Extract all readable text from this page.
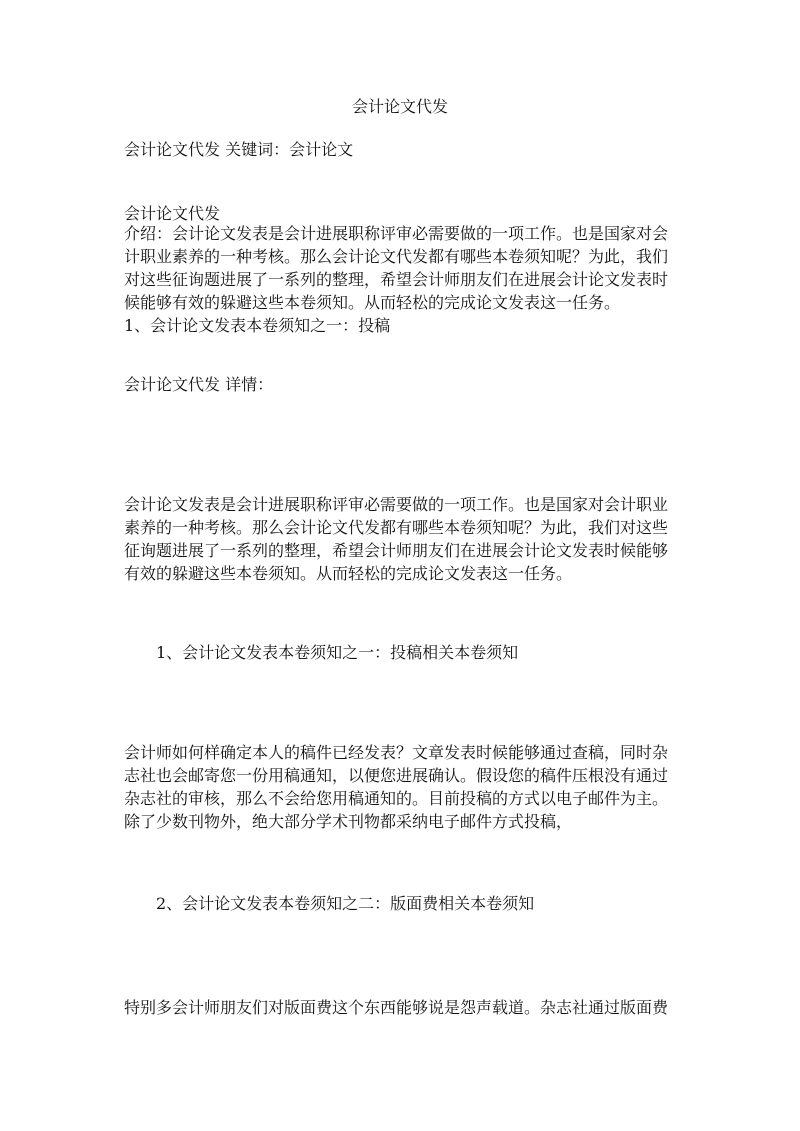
会计论文代发
会计论文代发 关键词：会计论文
会计论文代发
介绍：会计论文发表是会计进展职称评审必需要做的一项工作。也是国家对会
计职业素养的一种考核。那么会计论文代发都有哪些本卷须知呢？为此，我们
对这些征询题进展了一系列的整理，希望会计师朋友们在进展会计论文发表时
候能够有效的躲避这些本卷须知。从而轻松的完成论文发表这一任务。
1、会计论文发表本卷须知之一：投稿
会计论文代发 详情：
会计论文发表是会计进展职称评审必需要做的一项工作。也是国家对会计职业
素养的一种考核。那么会计论文代发都有哪些本卷须知呢？为此，我们对这些
征询题进展了一系列的整理，希望会计师朋友们在进展会计论文发表时候能够
有效的躲避这些本卷须知。从而轻松的完成论文发表这一任务。
1、会计论文发表本卷须知之一：投稿相关本卷须知
会计师如何样确定本人的稿件已经发表？文章发表时候能够通过查稿，同时杂
志社也会邮寄您一份用稿通知，以便您进展确认。假设您的稿件压根没有通过
杂志社的审核，那么不会给您用稿通知的。目前投稿的方式以电子邮件为主。
除了少数刊物外，绝大部分学术刊物都采纳电子邮件方式投稿，
2、会计论文发表本卷须知之二：版面费相关本卷须知
特别多会计师朋友们对版面费这个东西能够说是怨声载道。杂志社通过版面费
